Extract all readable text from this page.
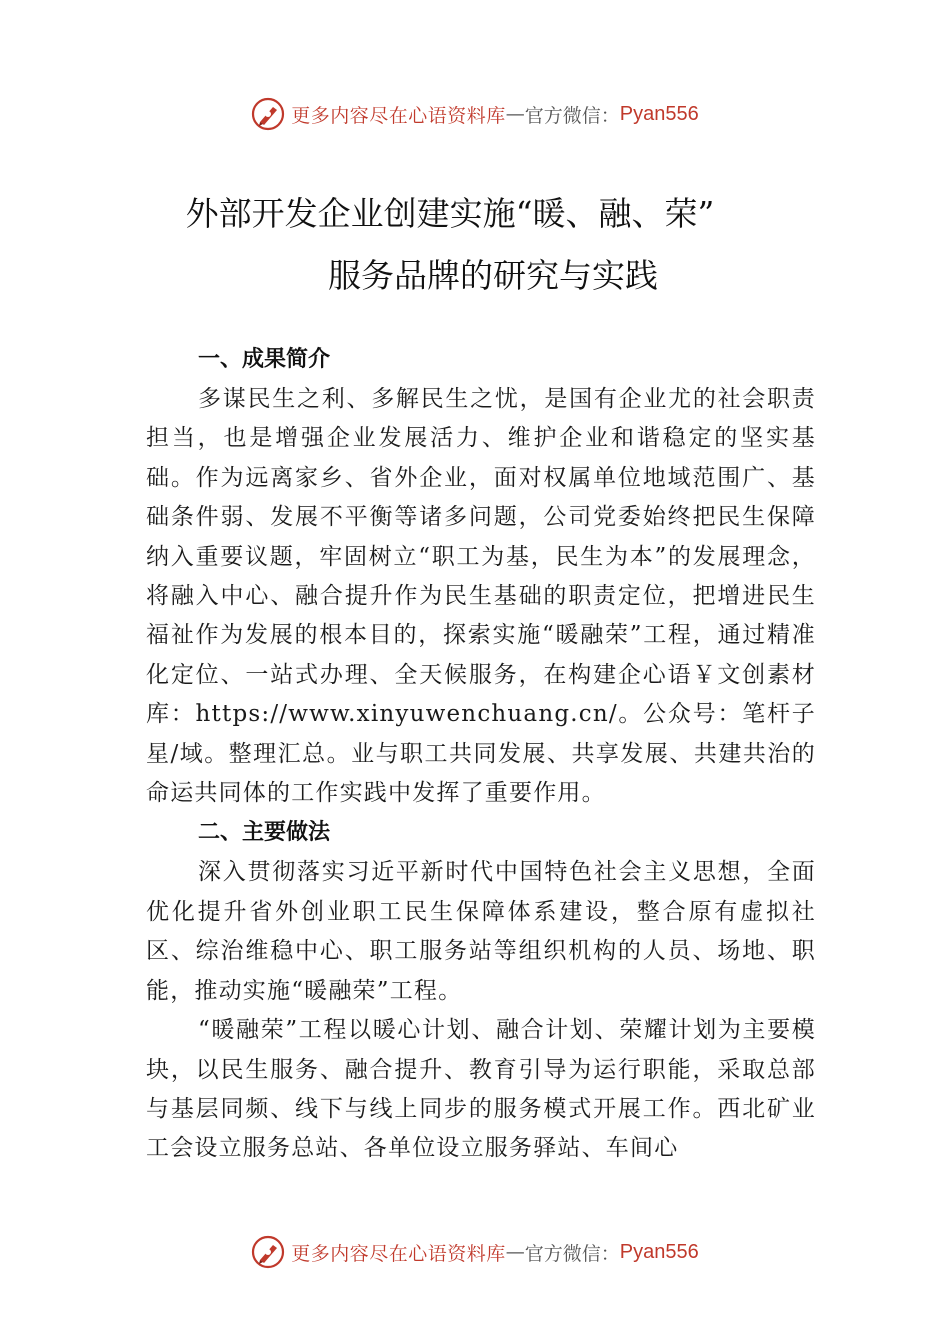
更多内容尽在心语资料库 — 官方微信： Pyan556
外部开发企业创建实施“暖、融、荣”
服务品牌的研究与实践
一、成果简介

多谋民生之利、多解民生之忧，是国有企业尤的社会职责担当，也是增强企业发展活力、维护企业和谐稳定的坚实基础。作为远离家乡、省外企业，面对权属单位地域范围广、基础条件弱、发展不平衡等诸多问题，公司党委始终把民生保障纳入重要议题，牢固树立“职工为基，民生为本”的发展理念，将融入中心、融合提升作为民生基础的职责定位，把增进民生福祉作为发展的根本目的，探索实施“暖融荣”工程，通过精准化定位、一站式办理、全天候服务，在构建企心语￥文创素材库：https://www.xinyuwenchuang.cn/。公众号：笔杆子星/域。整理汇总。业与职工共同发展、共享发展、共建共治的命运共同体的工作实践中发挥了重要作用。

二、主要做法

深入贯彻落实习近平新时代中国特色社会主义思想，全面优化提升省外创业职工民生保障体系建设，整合原有虚拟社区、综治维稳中心、职工服务站等组织机构的人员、场地、职能，推动实施“暖融荣”工程。

“暖融荣”工程以暖心计划、融合计划、荣耀计划为主要模块，以民生服务、融合提升、教育引导为运行职能，采取总部与基层同频、线下与线上同步的服务模式开展工作。西北矿业工会设立服务总站、各单位设立服务驿站、车间心

更多内容尽在心语资料库 — 官方微信： Pyan556
